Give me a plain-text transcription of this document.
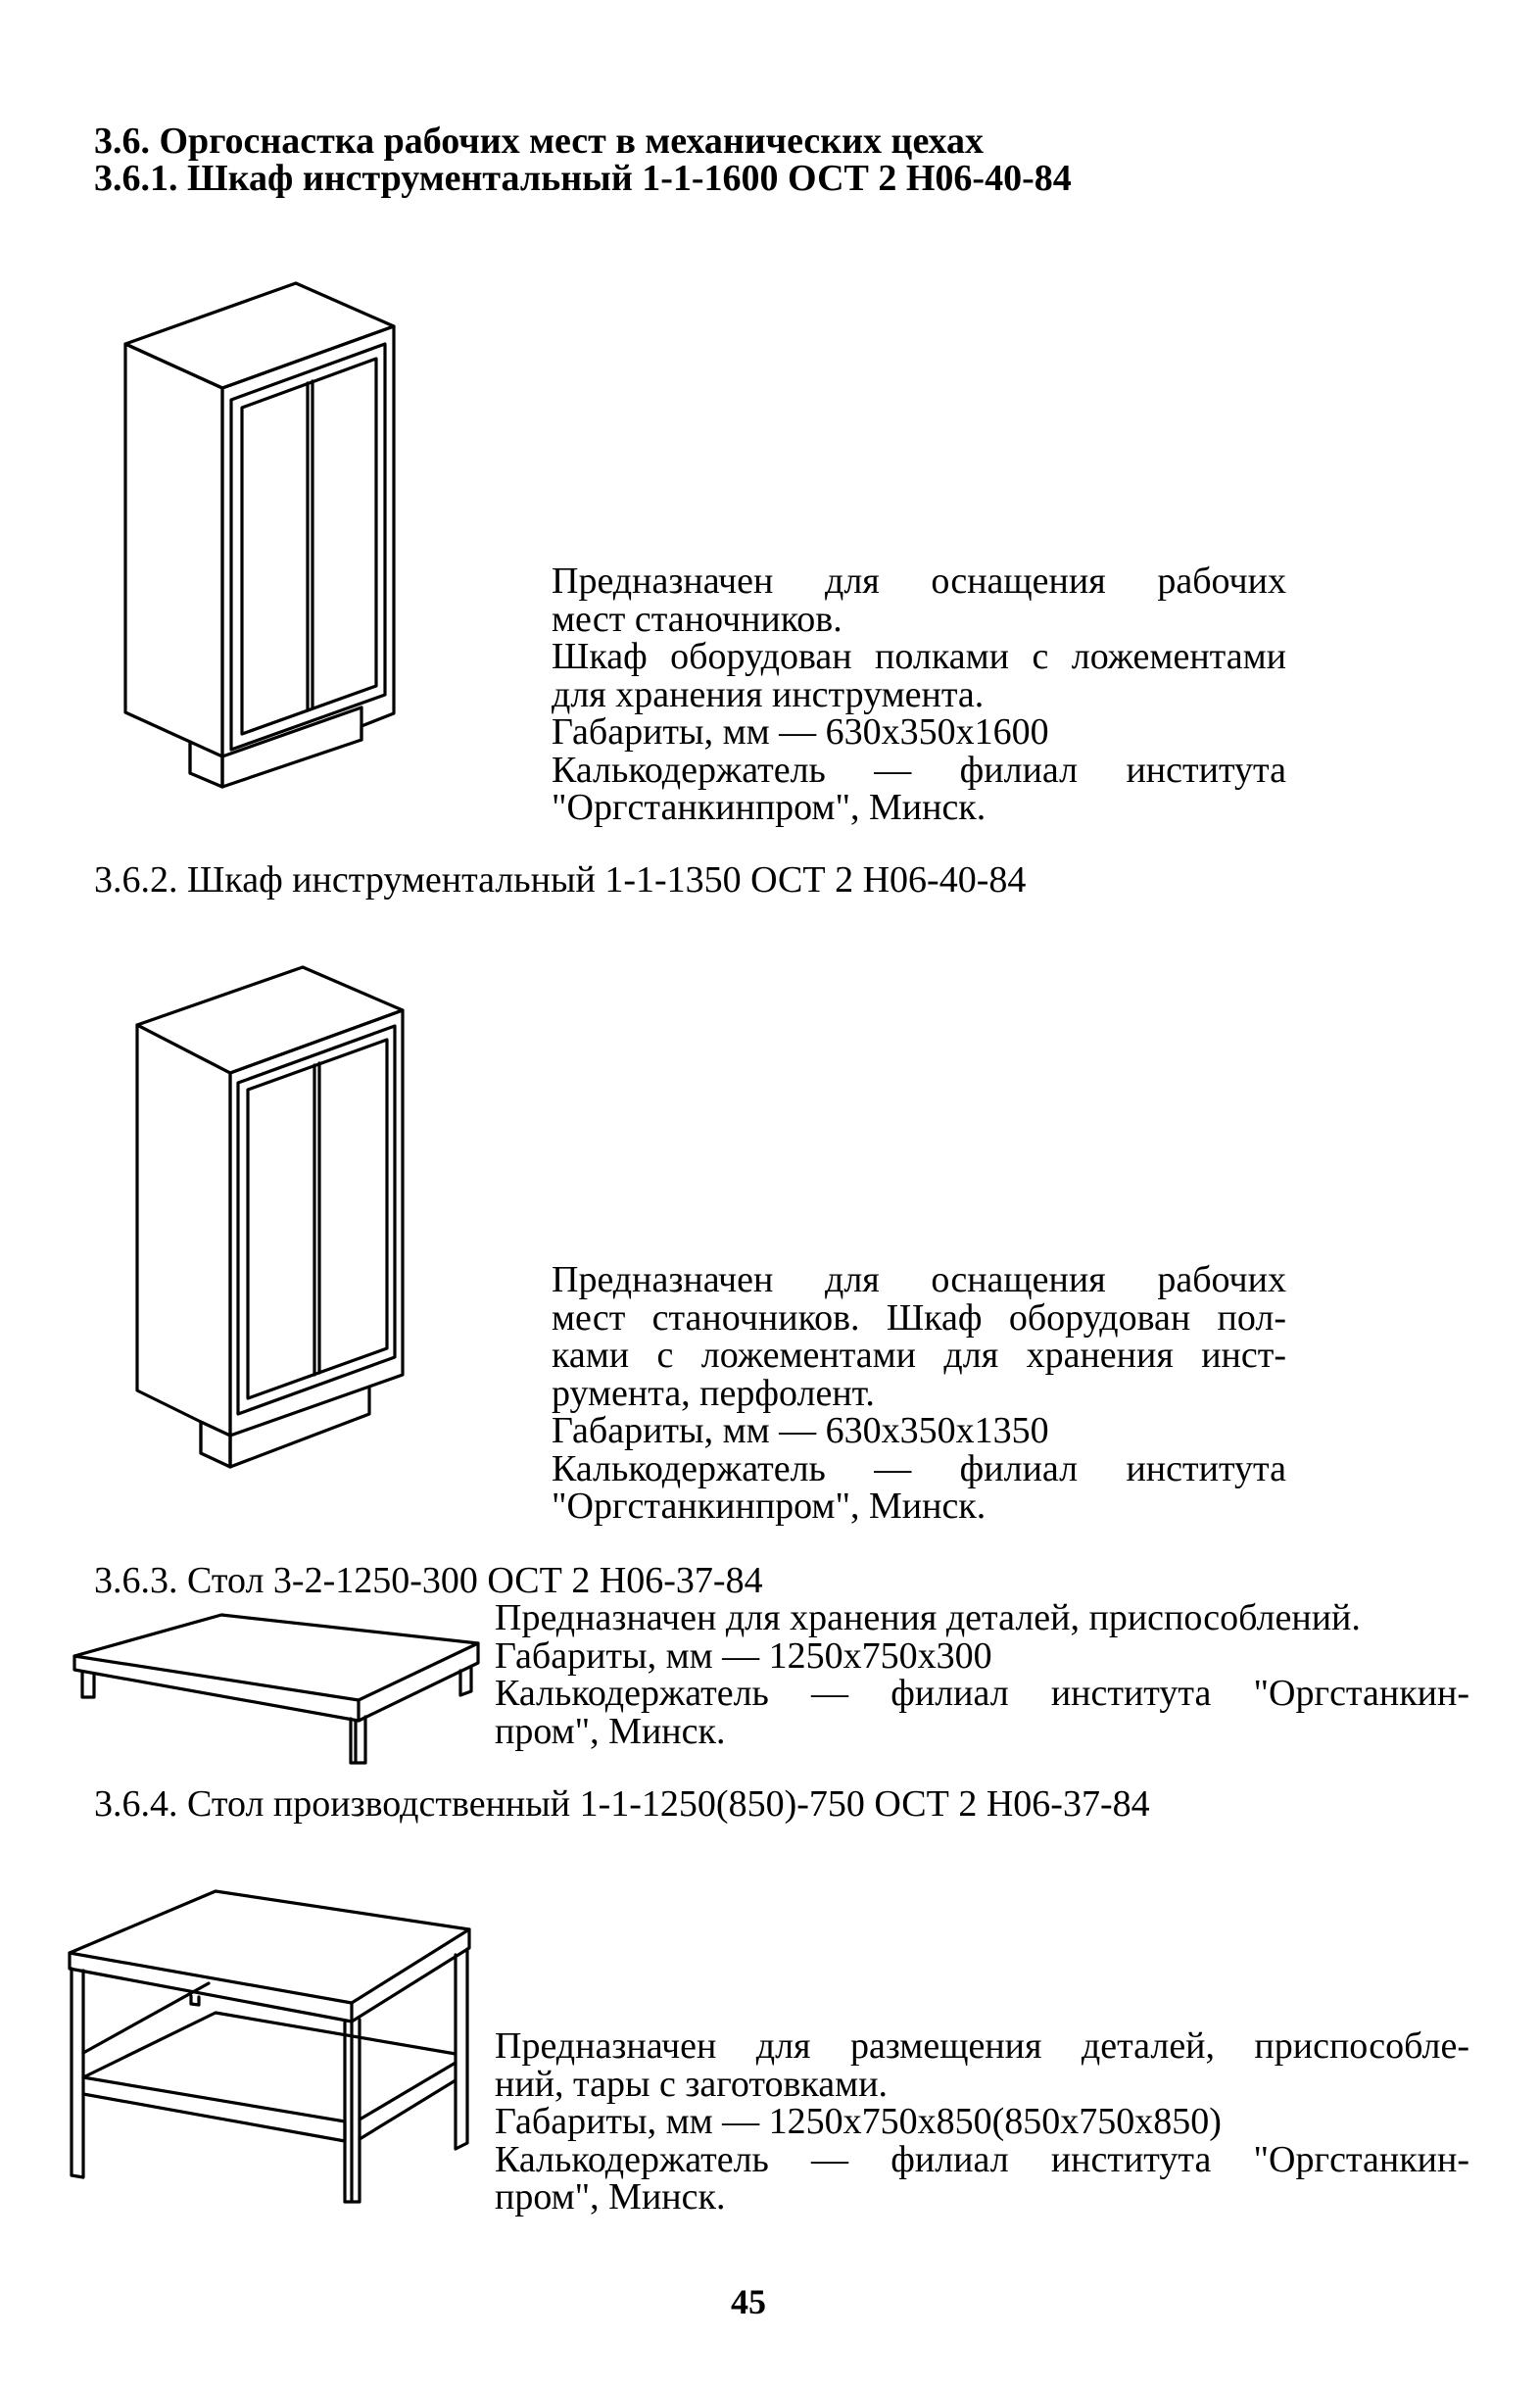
3.6. Оргоснастка рабочих мест в механических цехах
3.6.1. Шкаф инструментальный 1-1-1600 ОСТ 2 Н06-40-84
Предназначен для оснащения рабочих
мест станочников.
Шкаф оборудован полками с ложементами
для хранения инструмента.
Габариты, мм — 630x350x1600
Калькодержатель — филиал института
"Оргстанкинпром", Минск.
3.6.2. Шкаф инструментальный 1-1-1350 ОСТ 2 Н06-40-84
Предназначен для оснащения рабочих
мест станочников. Шкаф оборудован пол-
ками с ложементами для хранения инст-
румента, перфолент.
Габариты, мм — 630x350x1350
Калькодержатель — филиал института
"Оргстанкинпром", Минск.
3.6.3. Стол 3-2-1250-300 ОСТ 2 Н06-37-84
Предназначен для хранения деталей, приспособлений.
Габариты, мм — 1250x750x300
Калькодержатель — филиал института "Оргстанкин-
пром", Минск.
3.6.4. Стол производственный 1-1-1250(850)-750 ОСТ 2 Н06-37-84
Предназначен для размещения деталей, приспособле-
ний, тары с заготовками.
Габариты, мм — 1250x750x850(850x750x850)
Калькодержатель — филиал института "Оргстанкин-
пром", Минск.
45
